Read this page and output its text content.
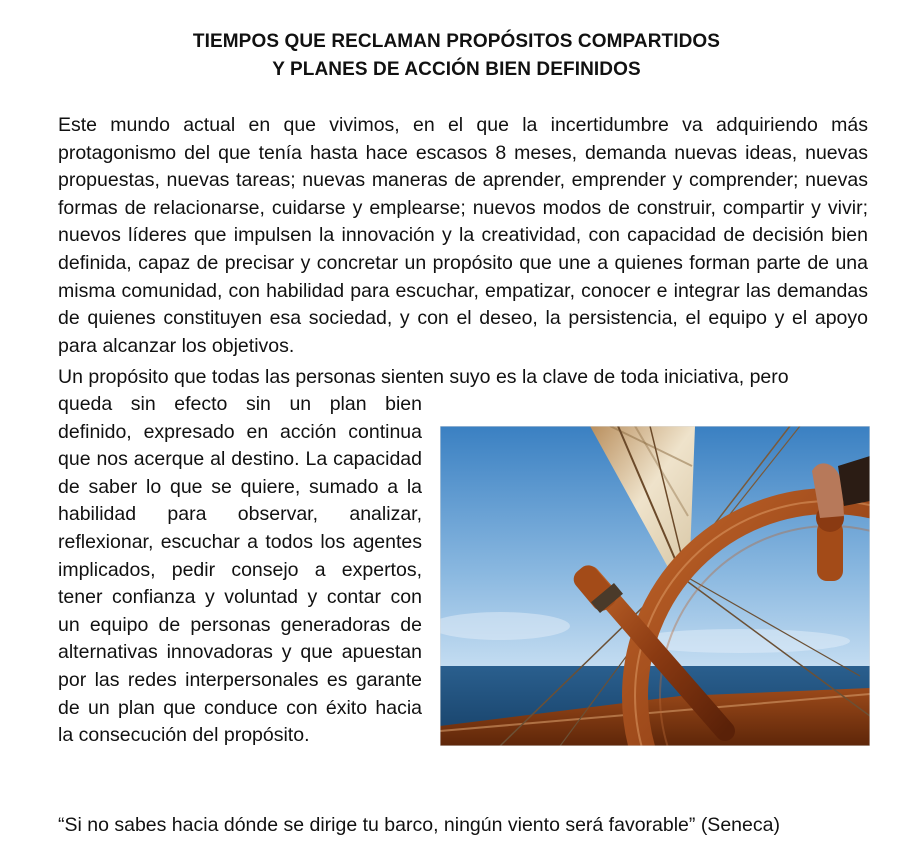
TIEMPOS QUE RECLAMAN PROPÓSITOS COMPARTIDOS
Y PLANES DE ACCIÓN BIEN DEFINIDOS
Este mundo actual en que vivimos, en el que la incertidumbre va adquiriendo más protagonismo del que tenía hasta hace escasos 8 meses, demanda nuevas ideas, nuevas propuestas, nuevas tareas; nuevas maneras de aprender, emprender y comprender; nuevas formas de relacionarse, cuidarse y emplearse; nuevos modos de construir, compartir y vivir; nuevos líderes que impulsen la innovación y la creatividad, con capacidad de decisión bien definida, capaz de precisar y concretar un propósito que une a quienes forman parte de una misma comunidad, con habilidad para escuchar, empatizar, conocer e integrar las demandas de quienes constituyen esa sociedad, y con el deseo, la persistencia, el equipo y el apoyo para alcanzar los objetivos.
Un propósito que todas las personas sienten suyo es la clave de toda iniciativa, pero
queda sin efecto sin un plan bien definido, expresado en acción continua que nos acerque al destino. La capacidad de saber lo que se quiere, sumado a la habilidad para observar, analizar, reflexionar, escuchar a todos los agentes implicados, pedir consejo a expertos, tener confianza y voluntad y contar con un equipo de personas generadoras de alternativas innovadoras y que apuestan por las redes interpersonales es garante de un plan que conduce con éxito hacia la consecución del propósito.
“Si no sabes hacia dónde se dirige tu barco, ningún viento será favorable” (Seneca)
